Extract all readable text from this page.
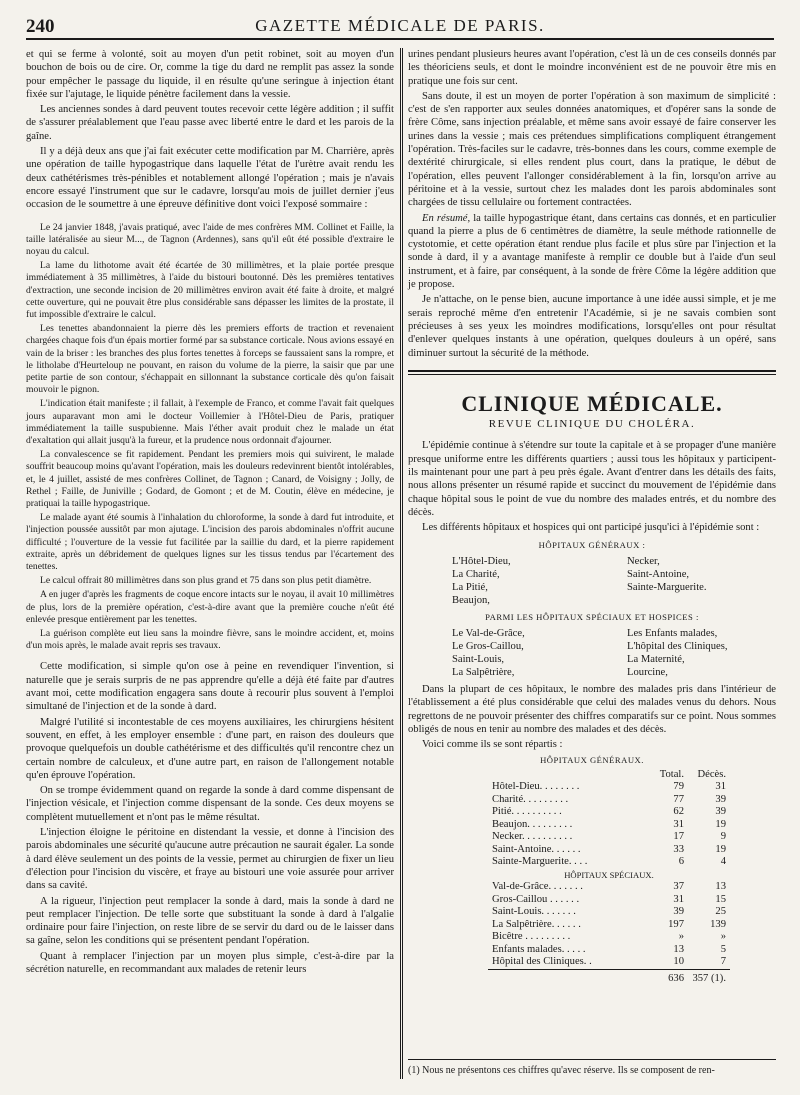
240	GAZETTE MÉDICALE DE PARIS.

et qui se ferme à volonté, soit au moyen d'un petit robinet, soit au moyen d'un bouchon de bois ou de cire. Or, comme la tige du dard ne remplit pas assez la sonde pour empêcher le passage du liquide, il en résulte qu'une seringue à injection étant fixée sur l'ajutage, le liquide pénètre facilement dans la vessie.

Les anciennes sondes à dard peuvent toutes recevoir cette légère addition ; il suffit de s'assurer préalablement que l'eau passe avec liberté entre le dard et les parois de la gaîne.

Il y a déjà deux ans que j'ai fait exécuter cette modification par M. Charrière, après une opération de taille hypogastrique dans laquelle l'état de l'urètre avait rendu les deux cathétérismes très-pénibles et notablement allongé l'opération ; mais je n'avais encore essayé l'instrument que sur le cadavre, lorsqu'au mois de juillet dernier j'eus occasion de le soumettre à une épreuve définitive dont voici l'exposé sommaire :

Le 24 janvier 1848, j'avais pratiqué, avec l'aide de mes confrères MM. Collinet et Faille, la taille latéralisée au sieur M..., de Tagnon (Ardennes), sans qu'il eût été possible d'extraire le noyau du calcul.

La lame du lithotome avait été écartée de 30 millimètres, et la plaie portée presque immédiatement à 35 millimètres, à l'aide du bistouri boutonné. Dès les premières tentatives d'extraction, une seconde incision de 20 millimètres environ avait été faite à droite, et malgré cette ouverture, qui ne pouvait être plus considérable sans dépasser les limites de la prostate, il fut impossible d'extraire le calcul.

Les tenettes abandonnaient la pierre dès les premiers efforts de traction et revenaient chargées chaque fois d'un épais mortier formé par sa substance corticale. Nous avions essayé en vain de la briser : les branches des plus fortes tenettes à forceps se faussaient sans la rompre, et le litholabe d'Heurteloup ne pouvant, en raison du volume de la pierre, la saisir que par une petite partie de son contour, s'échappait en sillonnant la substance corticale dès qu'on faisait mouvoir le pignon.

L'indication était manifeste ; il fallait, à l'exemple de Franco, et comme l'avait fait quelques jours auparavant mon ami le docteur Voillemier à l'Hôtel-Dieu de Paris, pratiquer immédiatement la taille suspubienne. Mais l'éther avait produit chez le malade un état d'exaltation qui allait jusqu'à la fureur, et la prudence nous ordonnait d'ajourner.

La convalescence se fit rapidement. Pendant les premiers mois qui suivirent, le malade souffrit beaucoup moins qu'avant l'opération, mais les douleurs redevinrent bientôt intolérables, et, le 4 juillet, assisté de mes confrères Collinet, de Tagnon ; Canard, de Voisigny ; Jolly, de Rethel ; Faille, de Juniville ; Godard, de Gomont ; et de M. Coutin, élève en médecine, je pratiquai la taille hypogastrique.

Le malade ayant été soumis à l'inhalation du chloroforme, la sonde à dard fut introduite, et l'injection poussée aussitôt par mon ajutage. L'incision des parois abdominales n'offrit aucune difficulté ; l'ouverture de la vessie fut facilitée par la saillie du dard, et la pierre rapidement extraite, après un débridement de quelques lignes sur les tissus tendus par l'écartement des tenettes.

Le calcul offrait 80 millimètres dans son plus grand et 75 dans son plus petit diamètre.

A en juger d'après les fragments de coque encore intacts sur le noyau, il avait 10 millimètres de plus, lors de la première opération, c'est-à-dire avant que la première couche n'eût été enlevée presque entièrement par les tenettes.

La guérison complète eut lieu sans la moindre fièvre, sans le moindre accident, et, moins d'un mois après, le malade avait repris ses travaux.

Cette modification, si simple qu'on ose à peine en revendiquer l'invention, si naturelle que je serais surpris de ne pas apprendre qu'elle a déjà été faite par d'autres avant moi, cette modification engagera sans doute à recourir plus souvent à l'emploi simultané de l'injection et de la sonde à dard.

Malgré l'utilité si incontestable de ces moyens auxiliaires, les chirurgiens hésitent souvent, en effet, à les employer ensemble : d'une part, en raison des douleurs que provoque quelquefois un double cathétérisme et des difficultés qu'il rencontre chez un certain nombre de calculeux, et d'une autre part, en raison de l'allongement notable qu'en éprouve l'opération.

On se trompe évidemment quand on regarde la sonde à dard comme dispensant de l'injection vésicale, et l'injection comme dispensant de la sonde. Ces deux moyens se complètent mutuellement et n'ont pas le même résultat.

L'injection éloigne le péritoine en distendant la vessie, et donne à l'incision des parois abdominales une sécurité qu'aucune autre précaution ne saurait égaler. La sonde à dard élève seulement un des points de la vessie, permet au chirurgien de fixer un lieu d'élection pour l'incision du viscère, et fraye au bistouri une voie assurée pour arriver dans sa cavité.

A la rigueur, l'injection peut remplacer la sonde à dard, mais la sonde à dard ne peut remplacer l'injection. De telle sorte que substituant la sonde à dard à l'algalie ordinaire pour faire l'injection, on reste libre de se servir du dard ou de le laisser dans sa gaîne, selon les conditions qui se présentent pendant l'opération.

Quant à remplacer l'injection par un moyen plus simple, c'est-à-dire par la sécrétion naturelle, en recommandant aux malades de retenir leurs

urines pendant plusieurs heures avant l'opération, c'est là un de ces conseils donnés par les théoriciens seuls, et dont le moindre inconvénient est de ne pouvoir être mis en pratique une fois sur cent.

Sans doute, il est un moyen de porter l'opération à son maximum de simplicité : c'est de s'en rapporter aux seules données anatomiques, et d'opérer sans la sonde de frère Côme, sans injection préalable, et même sans avoir essayé de faire conserver les urines dans la vessie ; mais ces prétendues simplifications compliquent étrangement l'opération. Très-faciles sur le cadavre, très-bonnes dans les cours, comme exemple de dextérité chirurgicale, si elles rendent plus court, dans la pratique, le début de l'opération, elles peuvent l'allonger considérablement à la fin, lorsqu'on arrive au péritoine et à la vessie, surtout chez les malades dont les parois abdominales sont chargées de tissu cellulaire ou fortement contractées.

En résumé, la taille hypogastrique étant, dans certains cas donnés, et en particulier quand la pierre a plus de 6 centimètres de diamètre, la seule méthode rationnelle de cystotomie, et cette opération étant rendue plus facile et plus sûre par l'injection et la sonde à dard, il y a avantage manifeste à remplir ce double but à l'aide d'un seul instrument, et à faire, par conséquent, à la sonde de frère Côme la légère addition que je propose.

Je n'attache, on le pense bien, aucune importance à une idée aussi simple, et je me serais reproché même d'en entretenir l'Académie, si je ne savais combien sont précieuses à ses yeux les moindres modifications, lorsqu'elles ont pour résultat d'enlever quelques instants à une opération, quelques douleurs à un opéré, sans diminuer surtout la sécurité de la méthode.

CLINIQUE MÉDICALE.
REVUE CLINIQUE DU CHOLÉRA.

L'épidémie continue à s'étendre sur toute la capitale et à se propager d'une manière presque uniforme entre les différents quartiers ; aussi tous les hôpitaux y participent-ils maintenant pour une part à peu près égale. Avant d'entrer dans les détails des faits, nous allons présenter un résumé rapide et succinct du mouvement de l'épidémie dans chaque hôpital sous le point de vue du nombre des malades entrés, et du nombre des décès.

Les différents hôpitaux et hospices qui ont participé jusqu'ici à l'épidémie sont :

HÔPITAUX GÉNÉRAUX :
L'Hôtel-Dieu,	Necker,
La Charité,	Saint-Antoine,
La Pitié,	Sainte-Marguerite.
Beaujon,
PARMI LES HÔPITAUX SPÉCIAUX ET HOSPICES :
Le Val-de-Grâce,	Les Enfants malades,
Le Gros-Caillou,	L'hôpital des Cliniques,
Saint-Louis,	La Maternité,
La Salpêtrière,	Lourcine,

Dans la plupart de ces hôpitaux, le nombre des malades pris dans l'intérieur de l'établissement a été plus considérable que celui des malades venus du dehors. Nous regrettons de ne pouvoir présenter des chiffres comparatifs sur ce point. Nous sommes obligés de nous en tenir au nombre des malades et des décès.

Voici comme ils se sont répartis :

HÔPITAUX GÉNÉRAUX.
	Total.	Décès.
Hôtel-Dieu. . . . . . . .	79	31
Charité. . . . . . . . .	77	39
Pitié. . . . . . . . . .	62	39
Beaujon. . . . . . . . .	31	19
Necker. . . . . . . . . .	17	9
Saint-Antoine. . . . . .	33	19
Sainte-Marguerite. . . .	6	4
HÔPITAUX SPÉCIAUX.		
Val-de-Grâce. . . . . . .	37	13
Gros-Caillou . . . . . .	31	15
Saint-Louis. . . . . . .	39	25
La Salpêtrière. . . . . .	197	139
Bicêtre . . . . . . . . .	»	»
Enfants malades. . . . .	13	5
Hôpital des Cliniques. .	10	7
	636	357 (1).
(1) Nous ne présentons ces chiffres qu'avec réserve. Ils se composent de ren-
